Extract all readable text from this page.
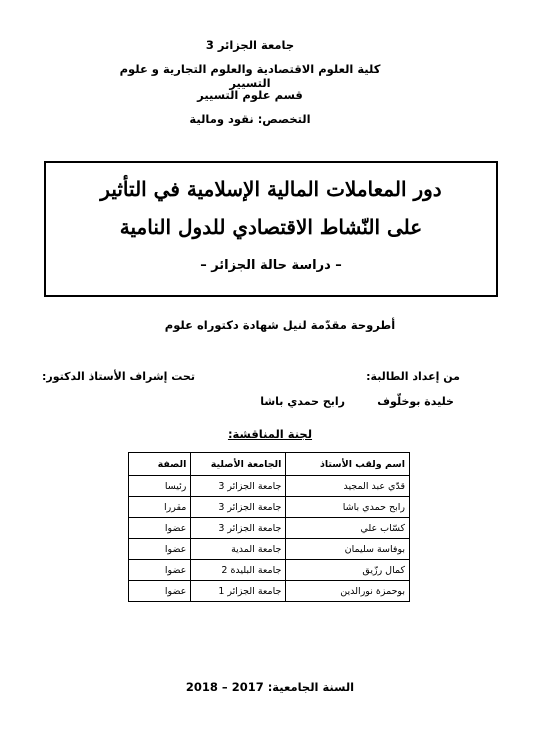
جامعة الجزائر 3
كلية العلوم الاقتصادية والعلوم التجارية و علوم التسيير
قسم علوم التسيير
التخصص: نقود ومالية
دور المعاملات المالية الإسلامية في التأثير
على النّشاط الاقتصادي للدول النامية
– دراسة حالة الجزائر –
أطروحة مقدّمة لنيل شهادة دكتوراه علوم
من إعداد الطالبة:
خليدة بوخلّوف
تحت إشراف الأستاذ الدكتور:
رابح حمدي باشا
لجنة المناقشة:
اسم ولقب الأستاذ	الجامعة الأصلية	الصفة
قدّي عبد المجيد	جامعة الجزائر 3	رئيسا
رابح حمدي باشا	جامعة الجزائر 3	مقررا
كسّاب علي	جامعة الجزائر 3	عضوا
بوفاسة سليمان	جامعة المدية	عضوا
كمال رزّيق	جامعة البليدة 2	عضوا
بوحمزة نورالدين	جامعة الجزائر 1	عضوا
السنة الجامعية: 2017 – 2018
